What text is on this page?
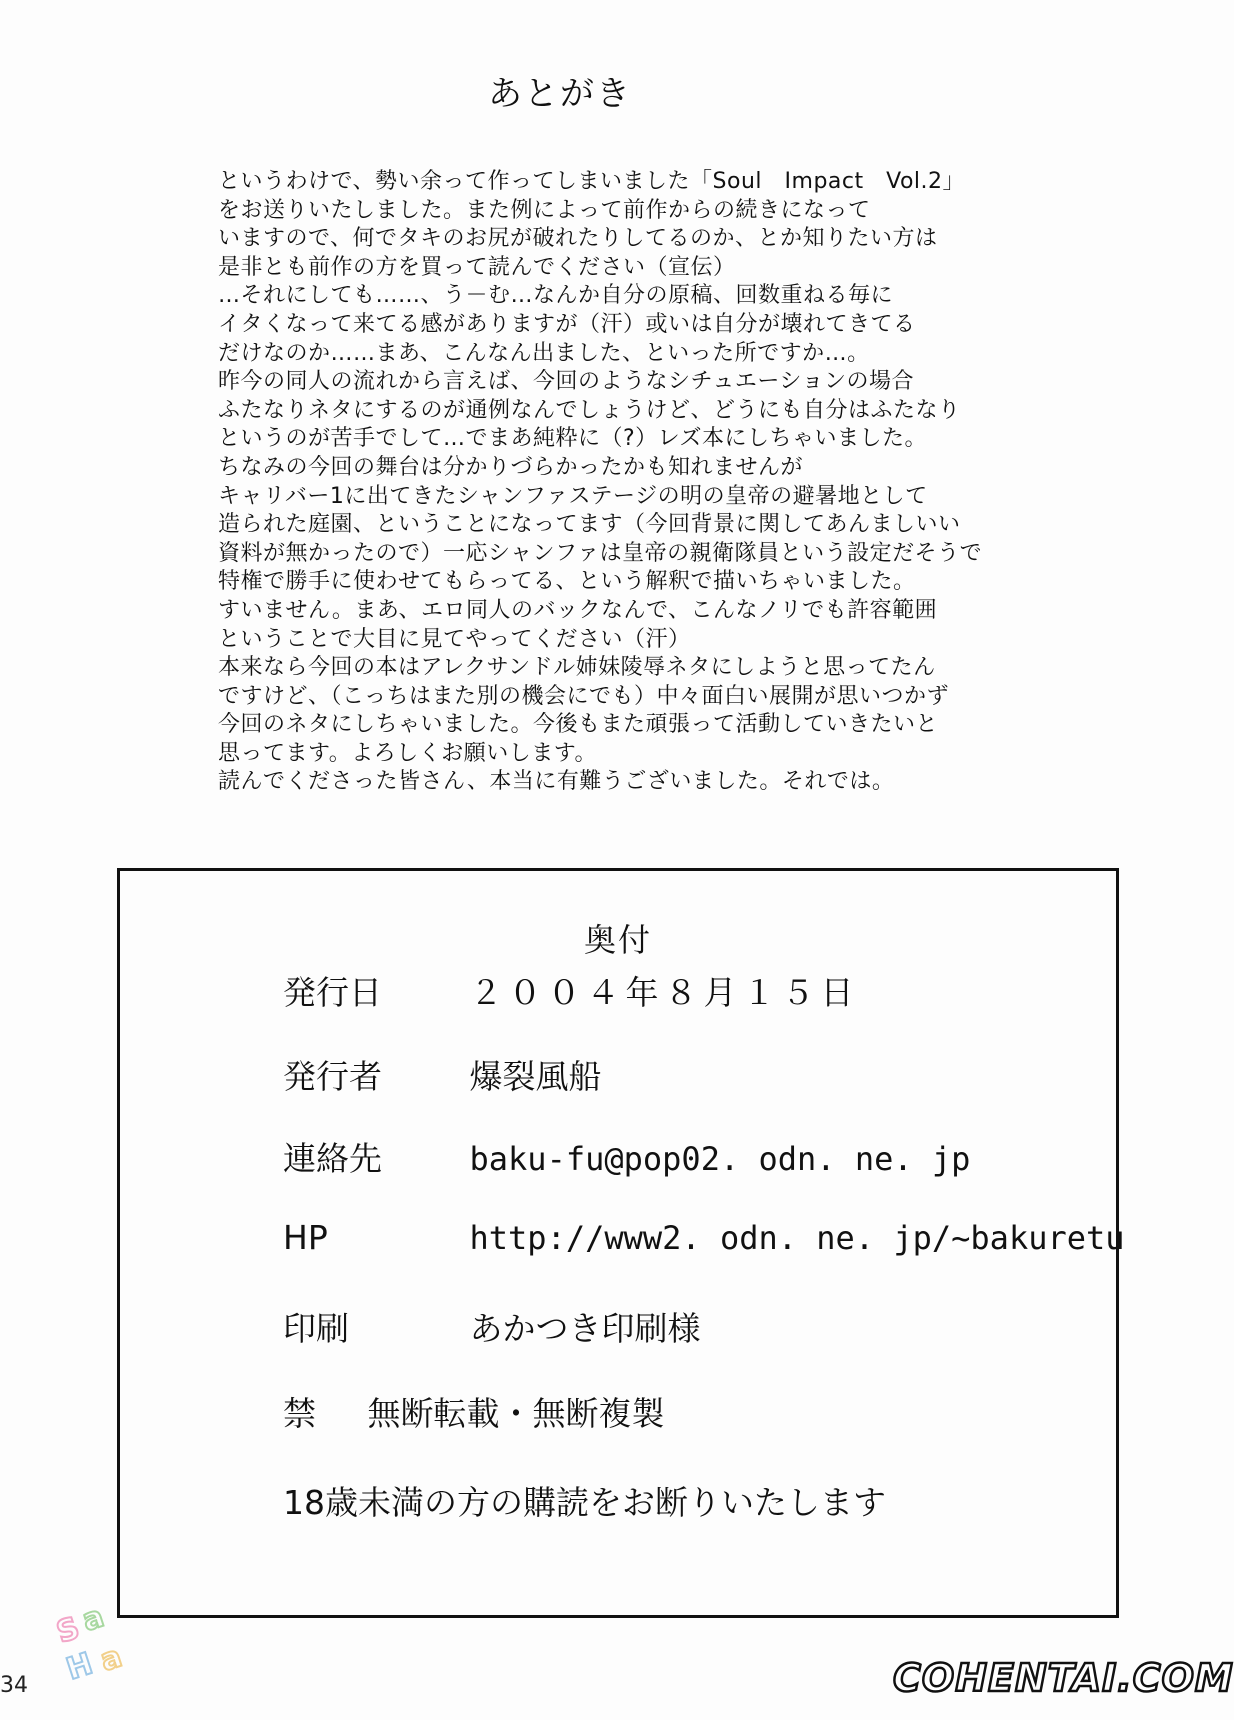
あとがき
というわけで、勢い余って作ってしまいました「Soul　Impact　Vol.2」
をお送りいたしました。また例によって前作からの続きになって
いますので、何でタキのお尻が破れたりしてるのか、とか知りたい方は
是非とも前作の方を買って読んでください（宣伝）
…それにしても……、う－む…なんか自分の原稿、回数重ねる毎に
イタくなって来てる感がありますが（汗）或いは自分が壊れてきてる
だけなのか……まあ、こんなん出ました、といった所ですか…。
昨今の同人の流れから言えば、今回のようなシチュエーションの場合
ふたなりネタにするのが通例なんでしょうけど、どうにも自分はふたなり
というのが苦手でして…でまあ純粋に（?）レズ本にしちゃいました。
ちなみの今回の舞台は分かりづらかったかも知れませんが
キャリバー1に出てきたシャンファステージの明の皇帝の避暑地として
造られた庭園、ということになってます（今回背景に関してあんましいい
資料が無かったので）一応シャンファは皇帝の親衛隊員という設定だそうで
特権で勝手に使わせてもらってる、という解釈で描いちゃいました。
すいません。まあ、エロ同人のバックなんで、こんなノリでも許容範囲
ということで大目に見てやってください（汗）
本来なら今回の本はアレクサンドル姉妹陵辱ネタにしようと思ってたん
ですけど、（こっちはまた別の機会にでも）中々面白い展開が思いつかず
今回のネタにしちゃいました。今後もまた頑張って活動していきたいと
思ってます。よろしくお願いします。
読んでくださった皆さん、本当に有難うございました。それでは。
奥付
発行日	２００４年８月１５日
発行者	爆裂風船
連絡先	baku-fu@pop02. odn. ne. jp
HP	http://www2. odn. ne. jp/~bakuretu
印刷	あかつき印刷様
禁 無断転載・無断複製
18歳未満の方の購読をお断りいたします
34
S
a
H a	COHENTAI.COM
